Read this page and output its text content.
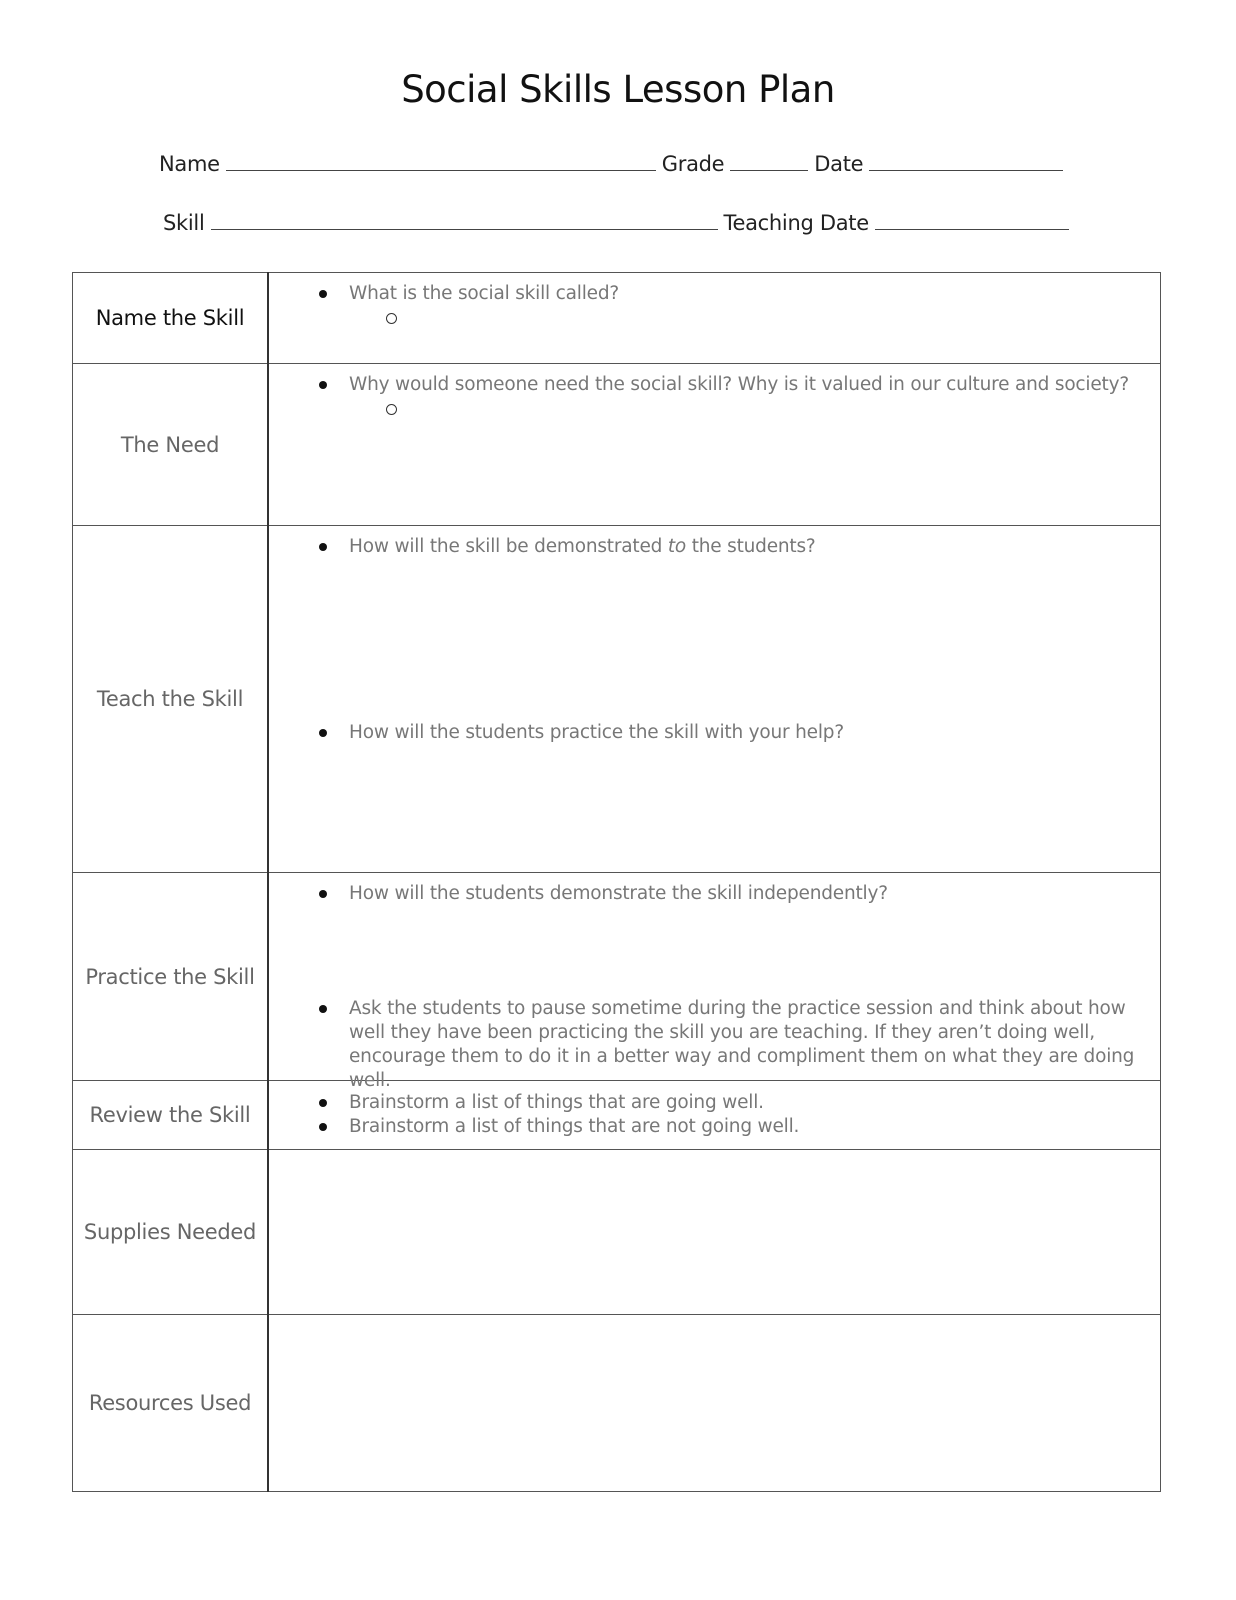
Social Skills Lesson Plan
Name	Grade	Date
Skill	Teaching Date
Name the Skill	What is the social skill called?

The Need	Why would someone need the social skill? Why is it valued in our culture and society?

Teach the Skill	How will the skill be demonstrated to the students?
How will the students practice the skill with your help?

Practice the Skill	How will the students demonstrate the skill independently?
Ask the students to pause sometime during the practice session and think about how well they have been practicing the skill you are teaching. If they aren’t doing well, encourage them to do it in a better way and compliment them on what they are doing well.

Review the Skill	Brainstorm a list of things that are going well.
Brainstorm a list of things that are not going well.

Supplies Needed	
Resources Used	
